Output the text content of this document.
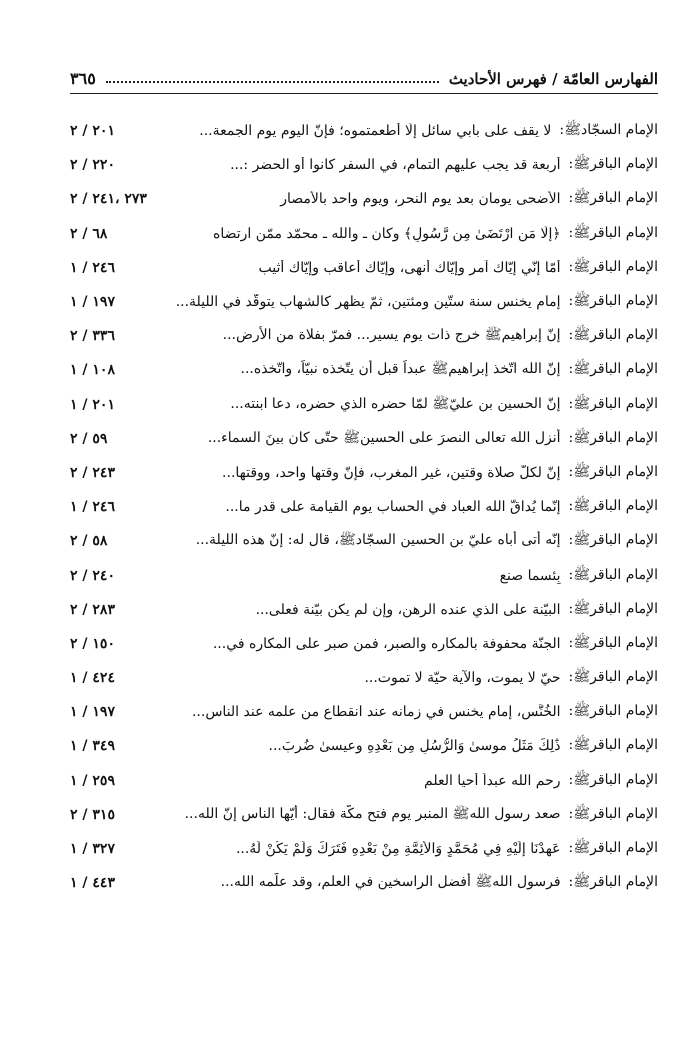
الفهارس العامّة / فهرس الأحاديث
٣٦٥
الإمام السجّادﷺ:
لا يقف على بابي سائل إلّا أطعمتموه؛ فإنّ اليوم يوم الجمعة...
٢٠١ / ٢
الإمام الباقرﷺ:
أربعة قد يجب عليهم التمام، في السفر كانوا أو الحضر :...
٢٢٠ / ٢
الإمام الباقرﷺ:
الأضحى يومان بعد يوم النحر، ويوم واحد بالأمصار
٢٧٣ ،٢٤١ / ٢
الإمام الباقرﷺ:
﴿إِلَّا مَنِ ارْتَضَىٰ مِن رَّسُولٍ﴾ وكان ـ والله ـ محمّد ممّن ارتضاه
٦٨ / ٢
الإمام الباقرﷺ:
أمّا إنّي إيّاك آمر وإيّاك أنهى، وإيّاك أُعاقب وإيّاك أُثيب
٢٤٦ / ١
الإمام الباقرﷺ:
إمام يخنس سنة ستّين ومئتين، ثمّ يظهر كالشهاب يتوقّد في الليلة...
١٩٧ / ١
الإمام الباقرﷺ:
إنّ إبراهيمﷺ خرج ذات يوم يسير... فمرّ بفلاة من الأرض...
٣٣٦ / ٢
الإمام الباقرﷺ:
إنّ الله اتّخذ إبراهيمﷺ عبداً قبل أن يتّخذه نبيّاً، واتّخذه...
١٠٨ / ١
الإمام الباقرﷺ:
إنّ الحسين بن عليّﷺ لمّا حضره الذي حضره، دعا ابنته...
٢٠١ / ١
الإمام الباقرﷺ:
أنزل الله تعالى النصرَ على الحسينﷺ حتّى كان بينَ السماء...
٥٩ / ٢
الإمام الباقرﷺ:
إنّ لكلّ صلاة وقتين، غير المغرب، فإنّ وقتها واحد، ووقتها...
٢٤٣ / ٢
الإمام الباقرﷺ:
إنّما يُداقّ الله العباد في الحساب يوم القيامة على قدر ما...
٢٤٦ / ١
الإمام الباقرﷺ:
إنّه أتى أباه عليّ بن الحسين السجّادﷺ، قال له: إنّ هذه الليلة...
٥٨ / ٢
الإمام الباقرﷺ:
بِئسما صنع
٢٤٠ / ٢
الإمام الباقرﷺ:
البيّنة على الذي عنده الرهن، وإن لم يكن بيّنة فعلى...
٢٨٣ / ٢
الإمام الباقرﷺ:
الجنّة محفوفة بالمكاره والصبر، فمن صبر على المكاره في...
١٥٠ / ٢
الإمام الباقرﷺ:
حيّ لا يموت، والآية حيّة لا تموت...
٤٢٤ / ١
الإمام الباقرﷺ:
الخُنَّس، إمام يخنس في زمانه عند انقطاع من علمه عند الناس...
١٩٧ / ١
الإمام الباقرﷺ:
ذَٰلِكَ مَثَلُ موسىٰ وَالرُّسُلِ مِن بَعْدِهِ وعيسىٰ ضُرِبَ...
٣٤٩ / ١
الإمام الباقرﷺ:
رحم الله عبداً أحيا العلم
٢٥٩ / ١
الإمام الباقرﷺ:
صعد رسول اللهﷺ المنبر يوم فتح مكّة فقال: أيّها الناس إنّ الله...
٣١٥ / ٢
الإمام الباقرﷺ:
عَهِدْنَا إِلَيْهِ فِي مُحَمَّدٍ وَالأَئِمَّةِ مِنْ بَعْدِهِ فَتَرَكَ وَلَمْ يَكُنْ لَهُ...
٣٢٧ / ١
الإمام الباقرﷺ:
فرسول اللهﷺ أفضل الراسخين في العلم، وقد علّمه الله...
٤٤٣ / ١
